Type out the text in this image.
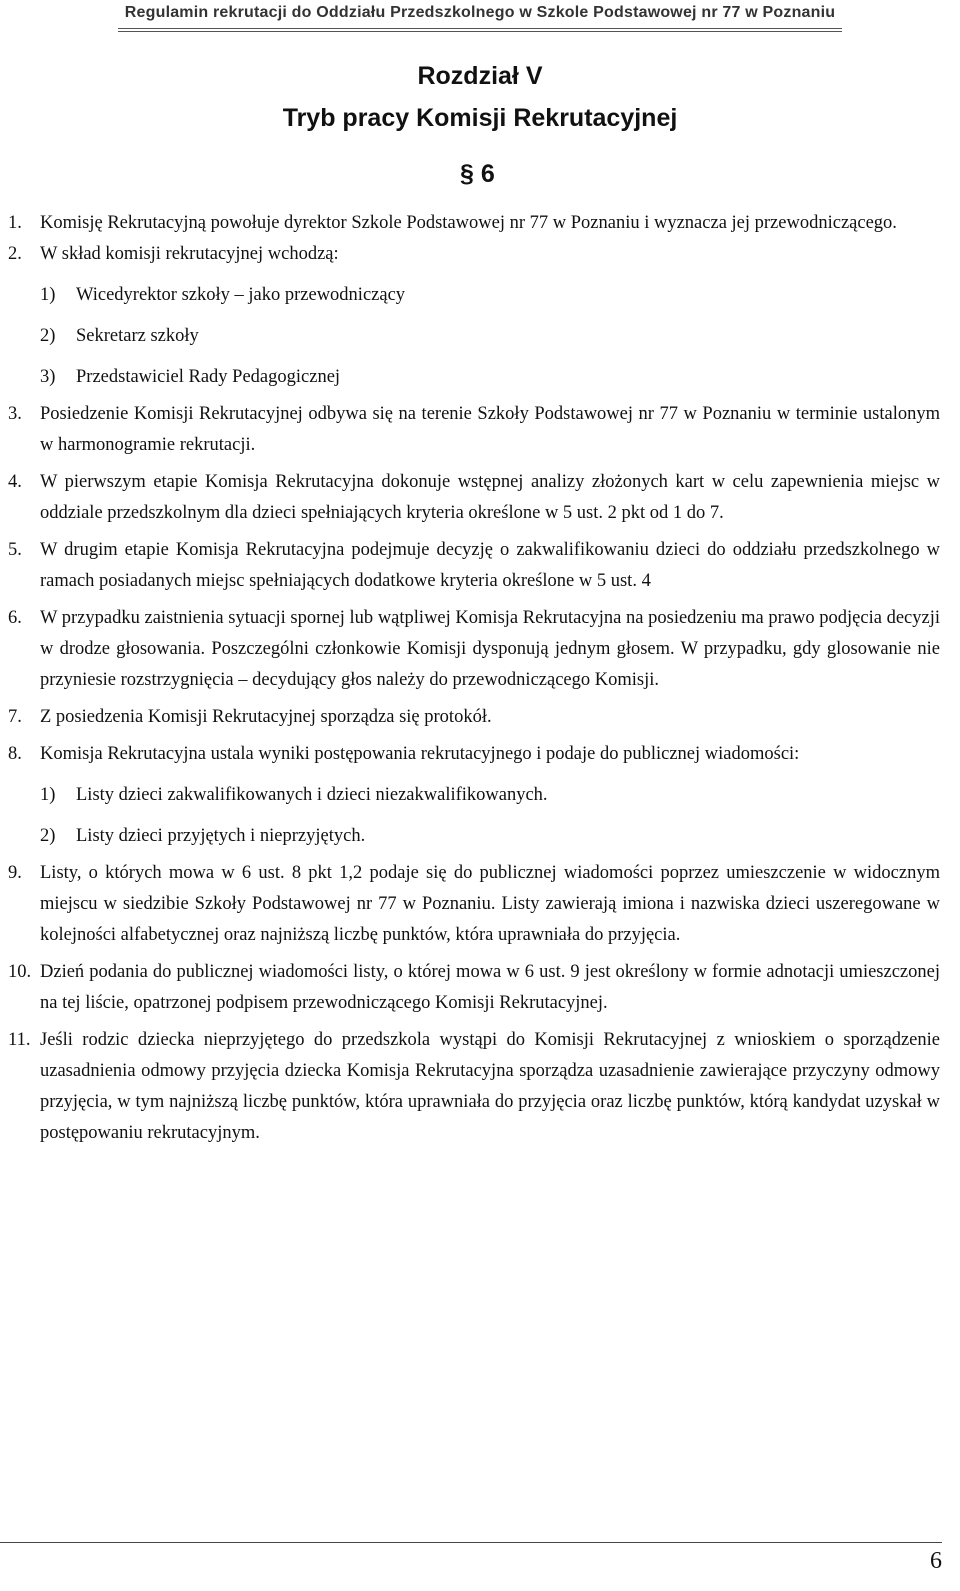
Regulamin rekrutacji do Oddziału Przedszkolnego w Szkole Podstawowej nr 77 w Poznaniu
Rozdział V
Tryb pracy Komisji Rekrutacyjnej
§ 6
1. Komisję Rekrutacyjną powołuje dyrektor Szkole Podstawowej nr 77 w Poznaniu i wyznacza jej przewodniczącego.
2. W skład komisji rekrutacyjnej wchodzą:
1)	Wicedyrektor szkoły – jako przewodniczący
2)	Sekretarz szkoły
3)	Przedstawiciel Rady Pedagogicznej
3. Posiedzenie Komisji Rekrutacyjnej odbywa się na terenie Szkoły Podstawowej nr 77 w Poznaniu w terminie ustalonym w harmonogramie rekrutacji.
4. W pierwszym etapie Komisja Rekrutacyjna dokonuje wstępnej analizy złożonych kart w celu zapewnienia miejsc w oddziale przedszkolnym dla dzieci spełniających kryteria określone w 5 ust. 2 pkt od 1 do 7.
5. W drugim etapie Komisja Rekrutacyjna podejmuje decyzję o zakwalifikowaniu dzieci do oddziału przedszkolnego w ramach posiadanych miejsc spełniających dodatkowe kryteria określone w 5 ust. 4
6. W przypadku zaistnienia sytuacji spornej lub wątpliwej Komisja Rekrutacyjna na posiedzeniu ma prawo podjęcia decyzji w drodze głosowania. Poszczególni członkowie Komisji dysponują jednym głosem. W przypadku, gdy glosowanie nie przyniesie rozstrzygnięcia – decydujący głos należy do przewodniczącego Komisji.
7. Z posiedzenia Komisji Rekrutacyjnej sporządza się protokół.
8. Komisja Rekrutacyjna ustala wyniki postępowania rekrutacyjnego i podaje do publicznej wiadomości:
1)	Listy dzieci zakwalifikowanych i dzieci niezakwalifikowanych.
2)	Listy dzieci przyjętych i nieprzyjętych.
9. Listy, o których mowa w 6 ust. 8 pkt 1,2 podaje się do publicznej wiadomości poprzez umieszczenie w widocznym miejscu w siedzibie Szkoły Podstawowej nr 77 w Poznaniu. Listy zawierają imiona i nazwiska dzieci uszeregowane w kolejności alfabetycznej oraz najniższą liczbę punktów, która uprawniała do przyjęcia.
10. Dzień podania do publicznej wiadomości listy, o której mowa w 6 ust. 9 jest określony w formie adnotacji umieszczonej na tej liście, opatrzonej podpisem przewodniczącego Komisji Rekrutacyjnej.
11. Jeśli rodzic dziecka nieprzyjętego do przedszkola wystąpi do Komisji Rekrutacyjnej z wnioskiem o sporządzenie uzasadnienia odmowy przyjęcia dziecka Komisja Rekrutacyjna sporządza uzasadnienie zawierające przyczyny odmowy przyjęcia, w tym najniższą liczbę punktów, która uprawniała do przyjęcia oraz liczbę punktów, którą kandydat uzyskał w postępowaniu rekrutacyjnym.
6
